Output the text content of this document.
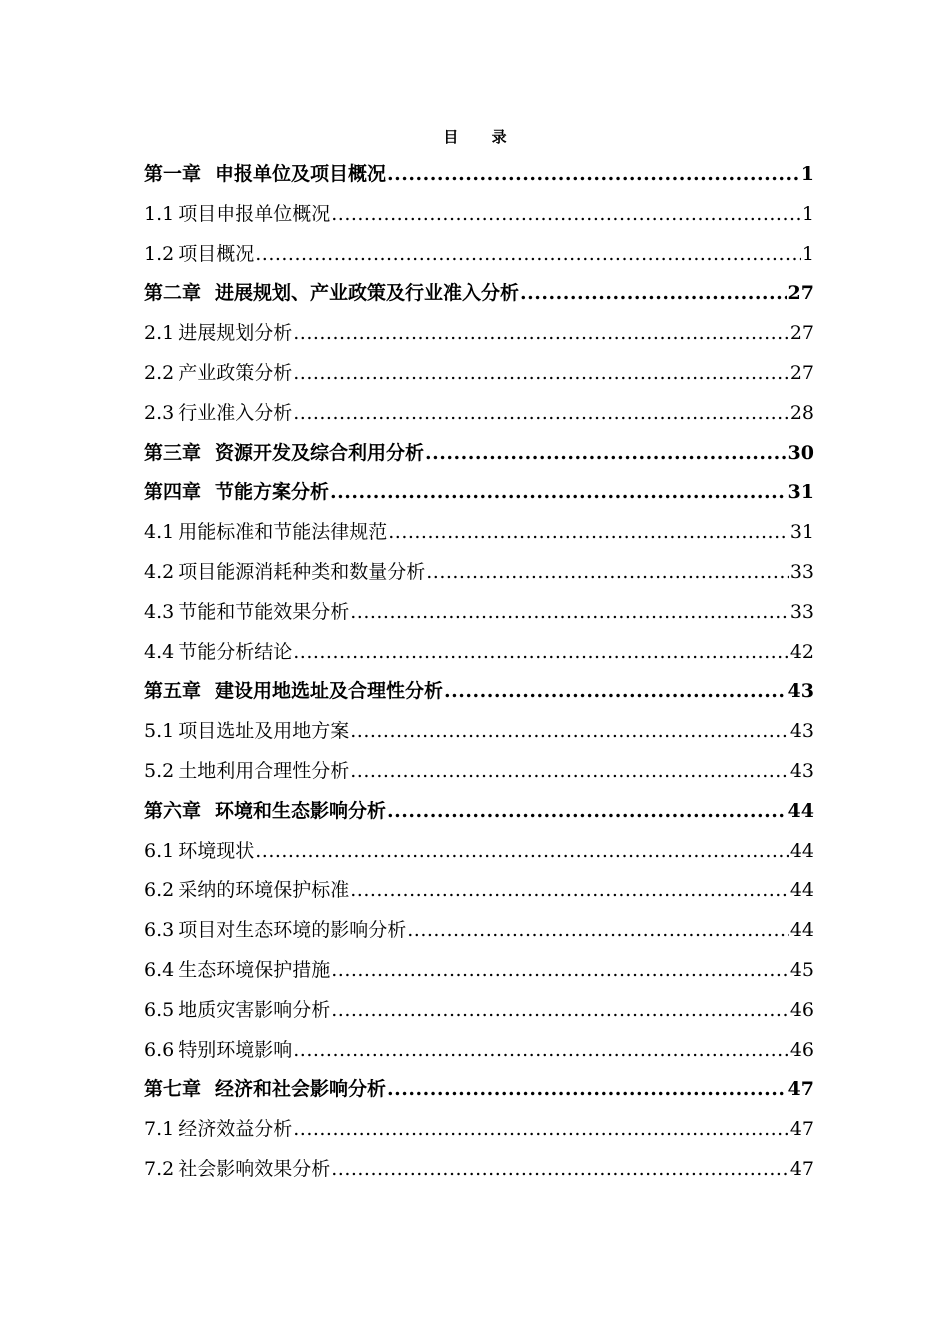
目 录
第一章 申报单位及项目概况 .....	1
1.1 项目申报单位概况 .....	1
1.2 项目概况 .....	1
第二章 进展规划、产业政策及行业准入分析 .....	27
2.1 进展规划分析 .....	27
2.2 产业政策分析 .....	27
2.3 行业准入分析 .....	28
第三章 资源开发及综合利用分析 .....	30
第四章 节能方案分析 .....	31
4.1 用能标准和节能法律规范 .....	31
4.2 项目能源消耗种类和数量分析 .....	33
4.3 节能和节能效果分析 .....	33
4.4 节能分析结论 .....	42
第五章 建设用地选址及合理性分析 .....	43
5.1 项目选址及用地方案 .....	43
5.2 土地利用合理性分析 .....	43
第六章 环境和生态影响分析 .....	44
6.1 环境现状 .....	44
6.2 采纳的环境保护标准 .....	44
6.3 项目对生态环境的影响分析 .....	44
6.4 生态环境保护措施 .....	45
6.5 地质灾害影响分析 .....	46
6.6 特别环境影响 .....	46
第七章 经济和社会影响分析 .....	47
7.1 经济效益分析 .....	47
7.2 社会影响效果分析 .....	47
